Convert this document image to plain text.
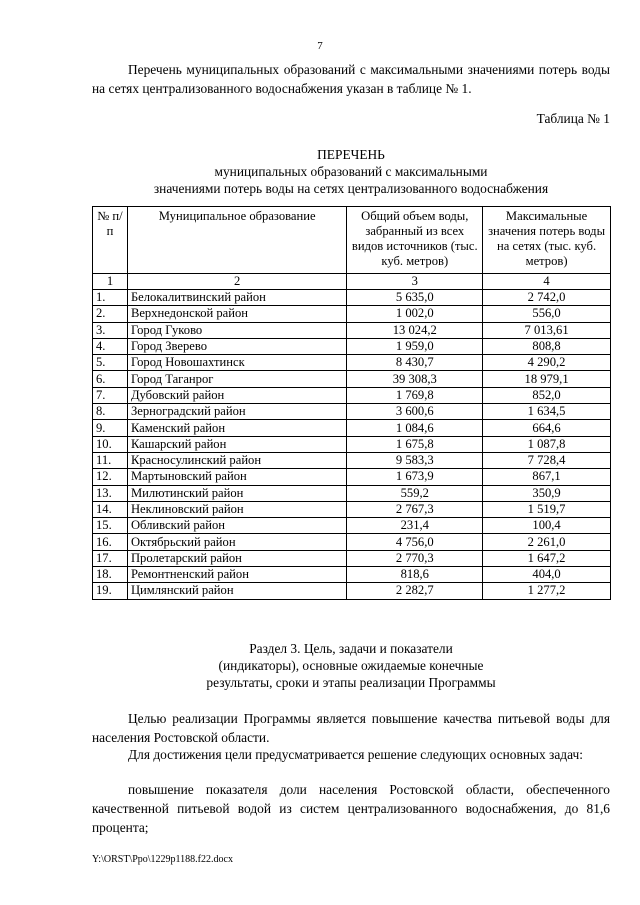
7
Перечень муниципальных образований с максимальными значениями потерь воды на сетях централизованного водоснабжения указан в таблице № 1.
Таблица № 1
ПЕРЕЧЕНЬ
муниципальных образований с максимальными
значениями потерь воды на сетях централизованного водоснабжения
№ п/п	Муниципальное образование	Общий объем воды, забранный из всех видов источников (тыс. куб. метров)	Максимальные значения потерь воды на сетях (тыс. куб. метров)
1	2	3	4
1.	Белокалитвинский район	5 635,0	2 742,0
2.	Верхнедонской район	1 002,0	556,0
3.	Город Гуково	13 024,2	7 013,61
4.	Город Зверево	1 959,0	808,8
5.	Город Новошахтинск	8 430,7	4 290,2
6.	Город Таганрог	39 308,3	18 979,1
7.	Дубовский район	1 769,8	852,0
8.	Зерноградский район	3 600,6	1 634,5
9.	Каменский район	1 084,6	664,6
10.	Кашарский район	1 675,8	1 087,8
11.	Красносулинский район	9 583,3	7 728,4
12.	Мартыновский район	1 673,9	867,1
13.	Милютинский район	559,2	350,9
14.	Неклиновский район	2 767,3	1 519,7
15.	Обливский район	231,4	100,4
16.	Октябрьский район	4 756,0	2 261,0
17.	Пролетарский район	2 770,3	1 647,2
18.	Ремонтненский район	818,6	404,0
19.	Цимлянский район	2 282,7	1 277,2
Раздел 3. Цель, задачи и показатели
(индикаторы), основные ожидаемые конечные
результаты, сроки и этапы реализации Программы
Целью реализации Программы является повышение качества питьевой воды для населения Ростовской области.
Для достижения цели предусматривается решение следующих основных задач:
повышение показателя доли населения Ростовской области, обеспеченного качественной питьевой водой из систем централизованного водоснабжения, до 81,6 процента;
Y:\ORST\Ppo\1229p1188.f22.docx
